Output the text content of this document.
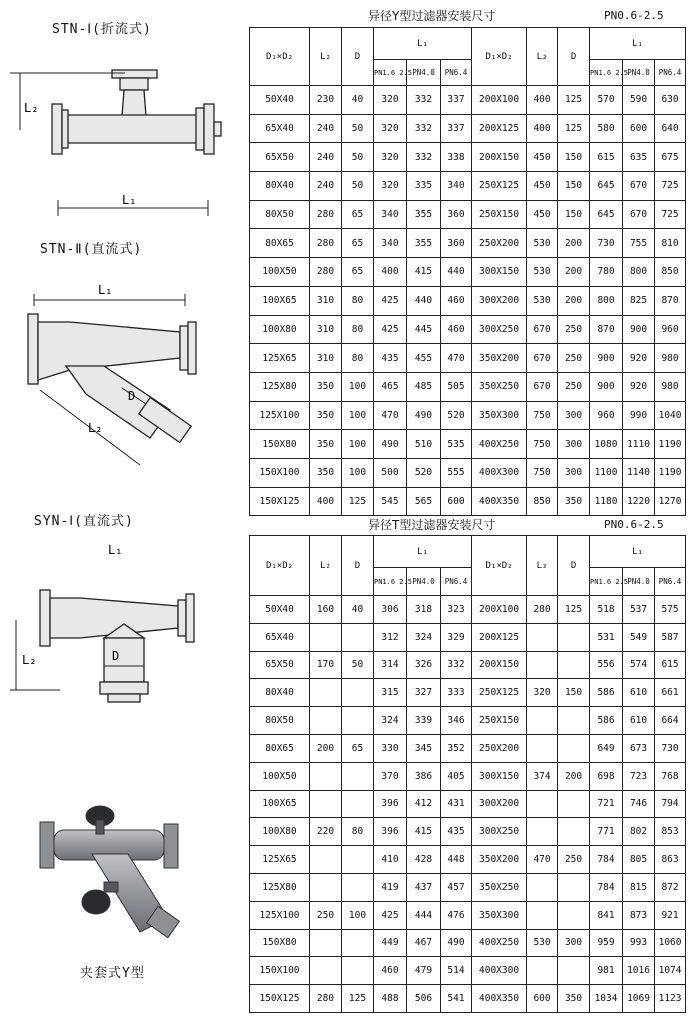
STN-Ⅰ(折流式)
STN-Ⅱ(直流式)
SYN-Ⅰ(直流式)
夹套式Y型
L₂
L₁
L₁
D
L₂
L₁
L₂	D
异径Y型过滤器安装尺寸	PN0.6-2.5
D₁×D₂	L₂	D	L₁			D₁×D₂	L₂	D	L₁		
			PN1.6 2.5	PN4.0	PN6.4				PN1.6 2.5	PN4.0	PN6.4
50X40	230	40	320	332	337	200X100	400	125	570	590	630
65X40	240	50	320	332	337	200X125	400	125	580	600	640
65X50	240	50	320	332	338	200X150	450	150	615	635	675
80X40	240	50	320	335	340	250X125	450	150	645	670	725
80X50	280	65	340	355	360	250X150	450	150	645	670	725
80X65	280	65	340	355	360	250X200	530	200	730	755	810
100X50	280	65	400	415	440	300X150	530	200	780	800	850
100X65	310	80	425	440	460	300X200	530	200	800	825	870
100X80	310	80	425	445	460	300X250	670	250	870	900	960
125X65	310	80	435	455	470	350X200	670	250	900	920	980
125X80	350	100	465	485	505	350X250	670	250	900	920	980
125X100	350	100	470	490	520	350X300	750	300	960	990	1040
150X80	350	100	490	510	535	400X250	750	300	1080	1110	1190
150X100	350	100	500	520	555	400X300	750	300	1100	1140	1190
150X125	400	125	545	565	600	400X350	850	350	1180	1220	1270
异径T型过滤器安装尺寸	PN0.6-2.5
D₁×D₂	L₂	D	L₁			D₁×D₂	L₂	D	L₁		
			PN1.6 2.5	PN4.0	PN6.4				PN1.6 2.5	PN4.0	PN6.4
50X40	160	40	306	318	323	200X100	280	125	518	537	575
65X40			312	324	329	200X125			531	549	587
65X50	170	50	314	326	332	200X150			556	574	615
80X40			315	327	333	250X125	320	150	586	610	661
80X50			324	339	346	250X150			586	610	664
80X65	200	65	330	345	352	250X200			649	673	730
100X50			370	386	405	300X150	374	200	698	723	768
100X65			396	412	431	300X200			721	746	794
100X80	220	80	396	415	435	300X250			771	802	853
125X65			410	428	448	350X200	470	250	784	805	863
125X80			419	437	457	350X250			784	815	872
125X100	250	100	425	444	476	350X300			841	873	921
150X80			449	467	490	400X250	530	300	959	993	1060
150X100			460	479	514	400X300			981	1016	1074
150X125	280	125	488	506	541	400X350	600	350	1034	1069	1123
